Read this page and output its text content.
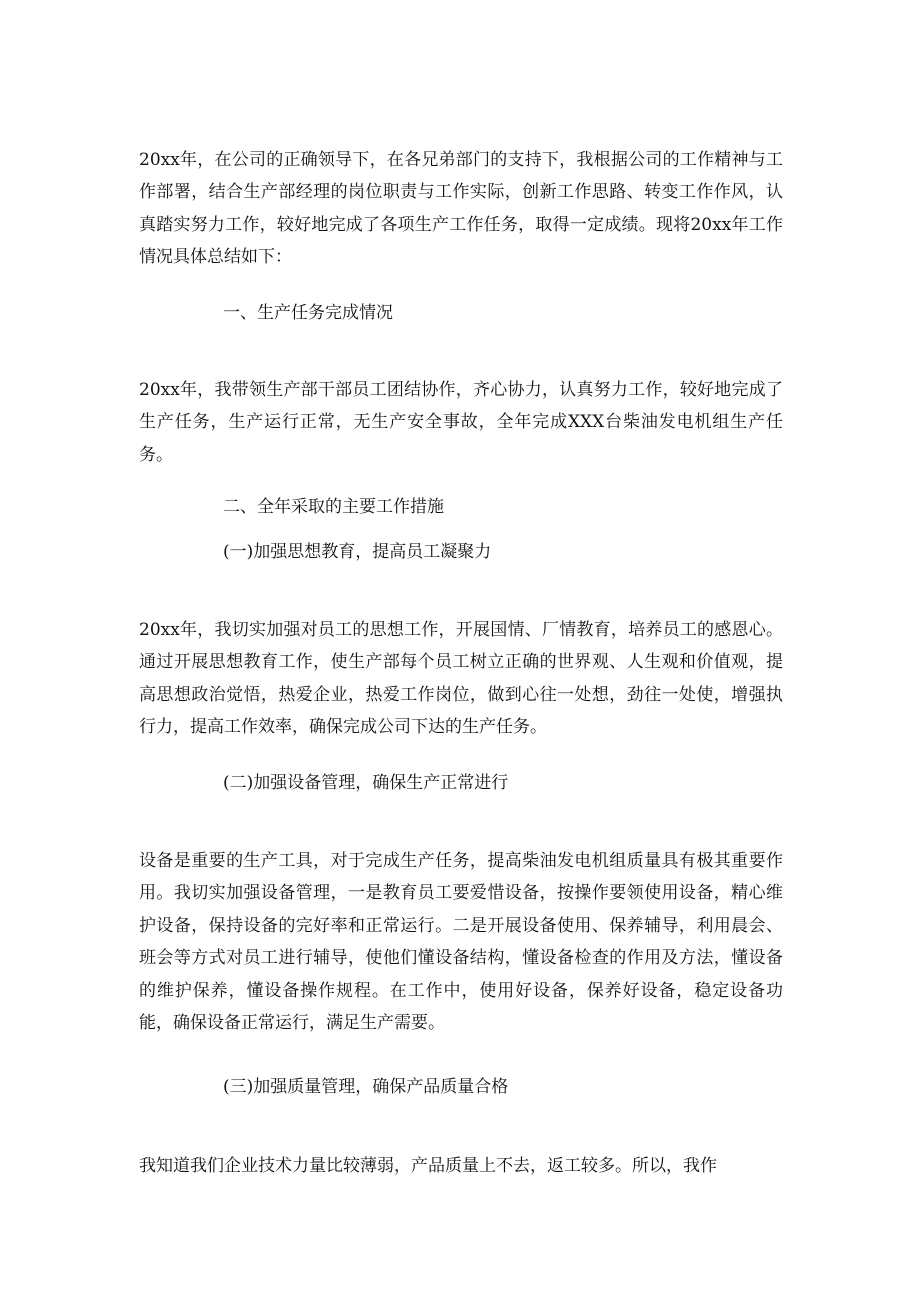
20xx年，在公司的正确领导下，在各兄弟部门的支持下，我根据公司的工作精神与工作部署，结合生产部经理的岗位职责与工作实际，创新工作思路、转变工作作风，认真踏实努力工作，较好地完成了各项生产工作任务，取得一定成绩。现将20xx年工作情况具体总结如下：

一、生产任务完成情况

20xx年，我带领生产部干部员工团结协作，齐心协力，认真努力工作，较好地完成了生产任务，生产运行正常，无生产安全事故，全年完成XXX台柴油发电机组生产任务。

二、全年采取的主要工作措施

(一)加强思想教育，提高员工凝聚力

20xx年，我切实加强对员工的思想工作，开展国情、厂情教育，培养员工的感恩心。通过开展思想教育工作，使生产部每个员工树立正确的世界观、人生观和价值观，提高思想政治觉悟，热爱企业，热爱工作岗位，做到心往一处想，劲往一处使，增强执行力，提高工作效率，确保完成公司下达的生产任务。

(二)加强设备管理，确保生产正常进行

设备是重要的生产工具，对于完成生产任务，提高柴油发电机组质量具有极其重要作用。我切实加强设备管理，一是教育员工要爱惜设备，按操作要领使用设备，精心维护设备，保持设备的完好率和正常运行。二是开展设备使用、保养辅导，利用晨会、班会等方式对员工进行辅导，使他们懂设备结构，懂设备检查的作用及方法，懂设备的维护保养，懂设备操作规程。在工作中，使用好设备，保养好设备，稳定设备功能，确保设备正常运行，满足生产需要。

(三)加强质量管理，确保产品质量合格

我知道我们企业技术力量比较薄弱，产品质量上不去，返工较多。所以，我作
